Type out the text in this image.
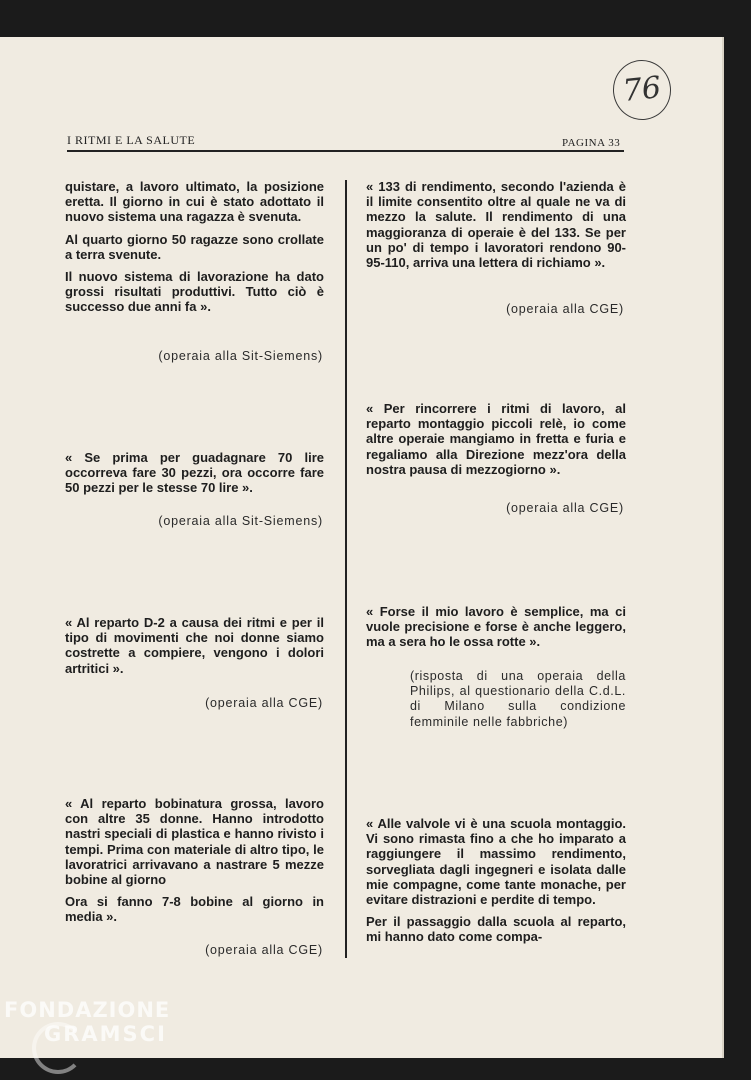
76
I RITMI E LA SALUTE	PAGINA 33

quistare, a lavoro ultimato, la posizione eretta. Il giorno in cui è stato adottato il nuovo sistema una ragazza è svenuta.

Al quarto giorno 50 ragazze sono crollate a terra svenute.

Il nuovo sistema di lavorazione ha dato grossi risultati produttivi. Tutto ciò è successo due anni fa ».

(operaia alla Sit-Siemens)

« Se prima per guadagnare 70 lire occorreva fare 30 pezzi, ora occorre fare 50 pezzi per le stesse 70 lire ».

(operaia alla Sit-Siemens)

« Al reparto D-2 a causa dei ritmi e per il tipo di movimenti che noi donne siamo costrette a compiere, vengono i dolori artritici ».

(operaia alla CGE)

« Al reparto bobinatura grossa, lavoro con altre 35 donne. Hanno introdotto nastri speciali di plastica e hanno rivisto i tempi. Prima con materiale di altro tipo, le lavoratrici arrivavano a nastrare 5 mezze bobine al giorno

Ora si fanno 7-8 bobine al giorno in media ».

(operaia alla CGE)

« 133 di rendimento, secondo l'azienda è il limite consentito oltre al quale ne va di mezzo la salute. Il rendimento di una maggioranza di operaie è del 133. Se per un po' di tempo i lavoratori rendono 90-95-110, arriva una lettera di richiamo ».

(operaia alla CGE)

« Per rincorrere i ritmi di lavoro, al reparto montaggio piccoli relè, io come altre operaie mangiamo in fretta e furia e regaliamo alla Direzione mezz'ora della nostra pausa di mezzogiorno ».

(operaia alla CGE)

« Forse il mio lavoro è semplice, ma ci vuole precisione e forse è anche leggero, ma a sera ho le ossa rotte ».

(risposta di una operaia della Philips, al questionario della C.d.L. di Milano sulla condizione femminile nelle fabbriche)

« Alle valvole vi è una scuola montaggio. Vi sono rimasta fino a che ho imparato a raggiungere il massimo rendimento, sorvegliata dagli ingegneri e isolata dalle mie compagne, come tante monache, per evitare distrazioni e perdite di tempo.

Per il passaggio dalla scuola al reparto, mi hanno dato come compa-

FONDAZIONE
GRAMSCI
